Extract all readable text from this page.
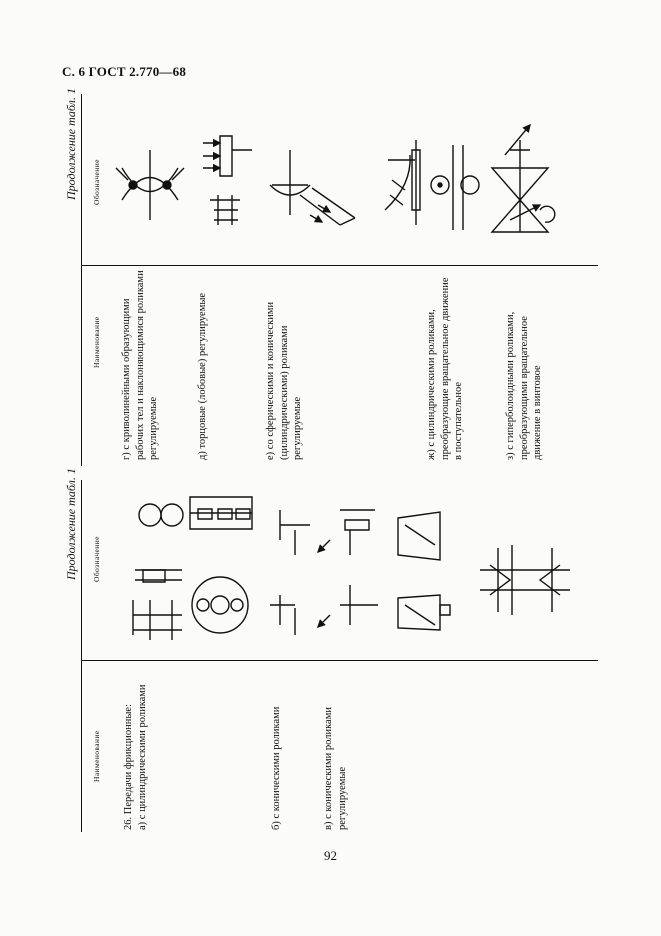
С. 6 ГОСТ 2.770—68
Продолжение табл. 1 Обозначение
Наименование г) с криволинейными образующими рабочих тел и наклоняющимися роликами регулируемые	д) торцовые (лобовые) регулируемые	е) со сферическими и коническими (цилиндрическими) роликами регулируемые	ж) с цилиндрическими роликами, преобразующие вращательное движение в поступательное	з) с гиперболоидными роликами, преобразующими вращательное движение в винтовое
Продолжение табл. 1 Обозначение
Наименование 26. Передачи фрикционные: а) с цилиндрическими роликами	б) с коническими роликами	в) с коническими роликами регулируемые
92
